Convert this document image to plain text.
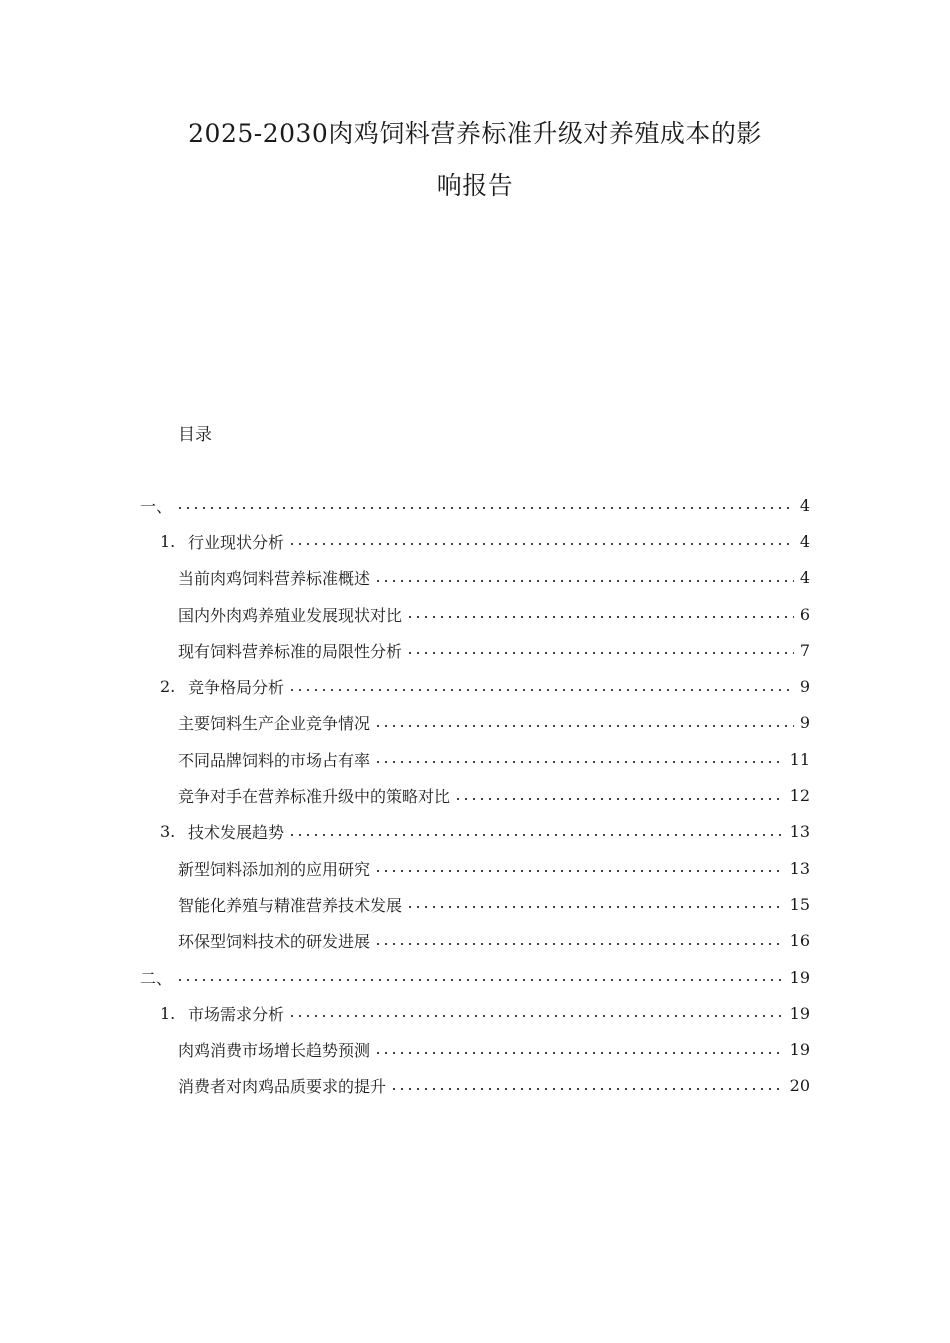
2025-2030肉鸡饲料营养标准升级对养殖成本的影
响报告
目录
一、	4
1. 行业现状分析	4
当前肉鸡饲料营养标准概述	4
国内外肉鸡养殖业发展现状对比	6
现有饲料营养标准的局限性分析	7
2. 竞争格局分析	9
主要饲料生产企业竞争情况	9
不同品牌饲料的市场占有率	11
竞争对手在营养标准升级中的策略对比	12
3. 技术发展趋势	13
新型饲料添加剂的应用研究	13
智能化养殖与精准营养技术发展	15
环保型饲料技术的研发进展	16
二、	19
1. 市场需求分析	19
肉鸡消费市场增长趋势预测	19
消费者对肉鸡品质要求的提升	20
